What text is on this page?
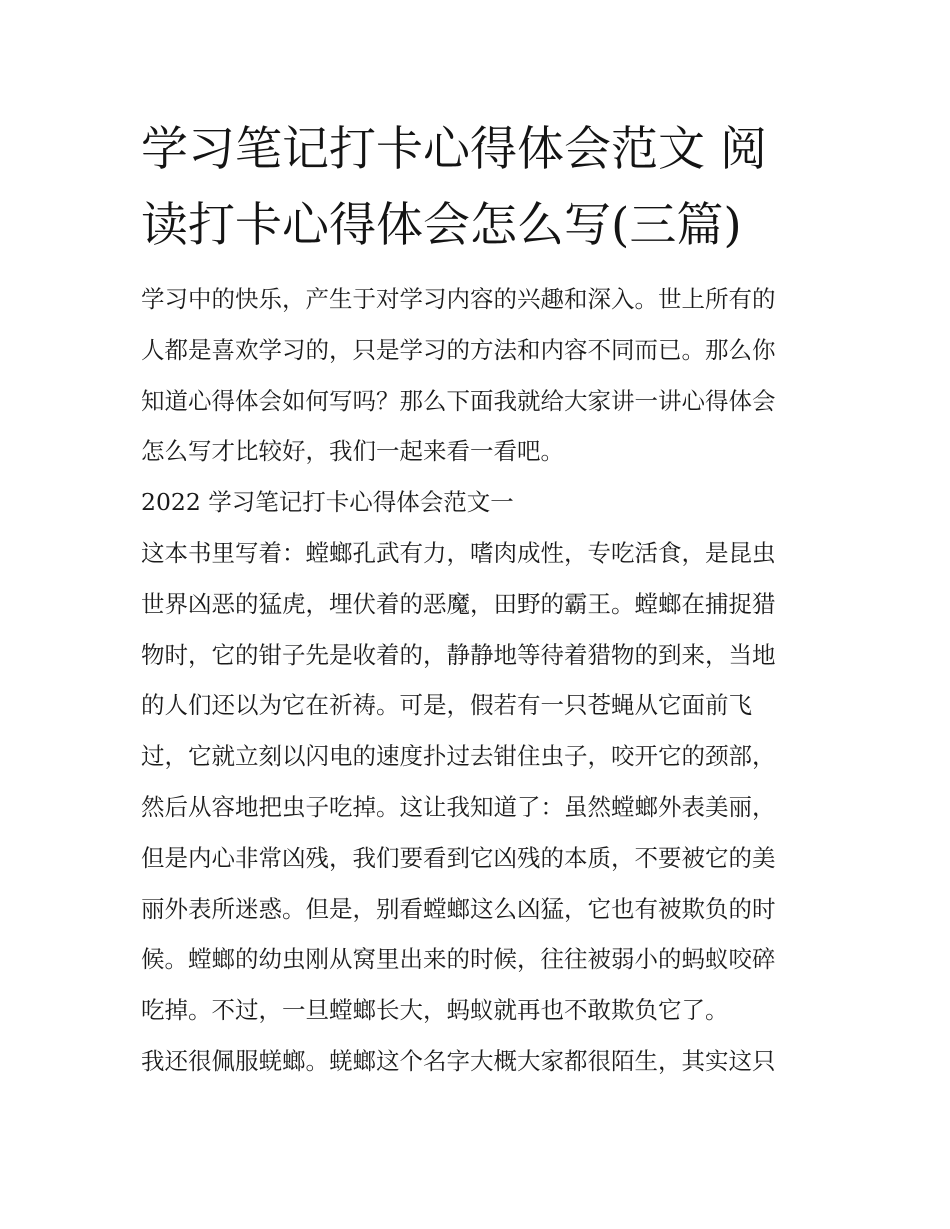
学习笔记打卡心得体会范文 阅
读打卡心得体会怎么写(三篇)

学习中的快乐，产生于对学习内容的兴趣和深入。世上所有的
人都是喜欢学习的，只是学习的方法和内容不同而已。那么你
知道心得体会如何写吗？那么下面我就给大家讲一讲心得体会
怎么写才比较好，我们一起来看一看吧。

2022 学习笔记打卡心得体会范文一

这本书里写着：螳螂孔武有力，嗜肉成性，专吃活食，是昆虫
世界凶恶的猛虎，埋伏着的恶魔，田野的霸王。螳螂在捕捉猎
物时，它的钳子先是收着的，静静地等待着猎物的到来，当地
的人们还以为它在祈祷。可是，假若有一只苍蝇从它面前飞
过，它就立刻以闪电的速度扑过去钳住虫子，咬开它的颈部，
然后从容地把虫子吃掉。这让我知道了：虽然螳螂外表美丽，
但是内心非常凶残，我们要看到它凶残的本质，不要被它的美
丽外表所迷惑。但是，别看螳螂这么凶猛，它也有被欺负的时
候。螳螂的幼虫刚从窝里出来的时候，往往被弱小的蚂蚁咬碎
吃掉。不过，一旦螳螂长大，蚂蚁就再也不敢欺负它了。

我还很佩服蜣螂。蜣螂这个名字大概大家都很陌生，其实这只
